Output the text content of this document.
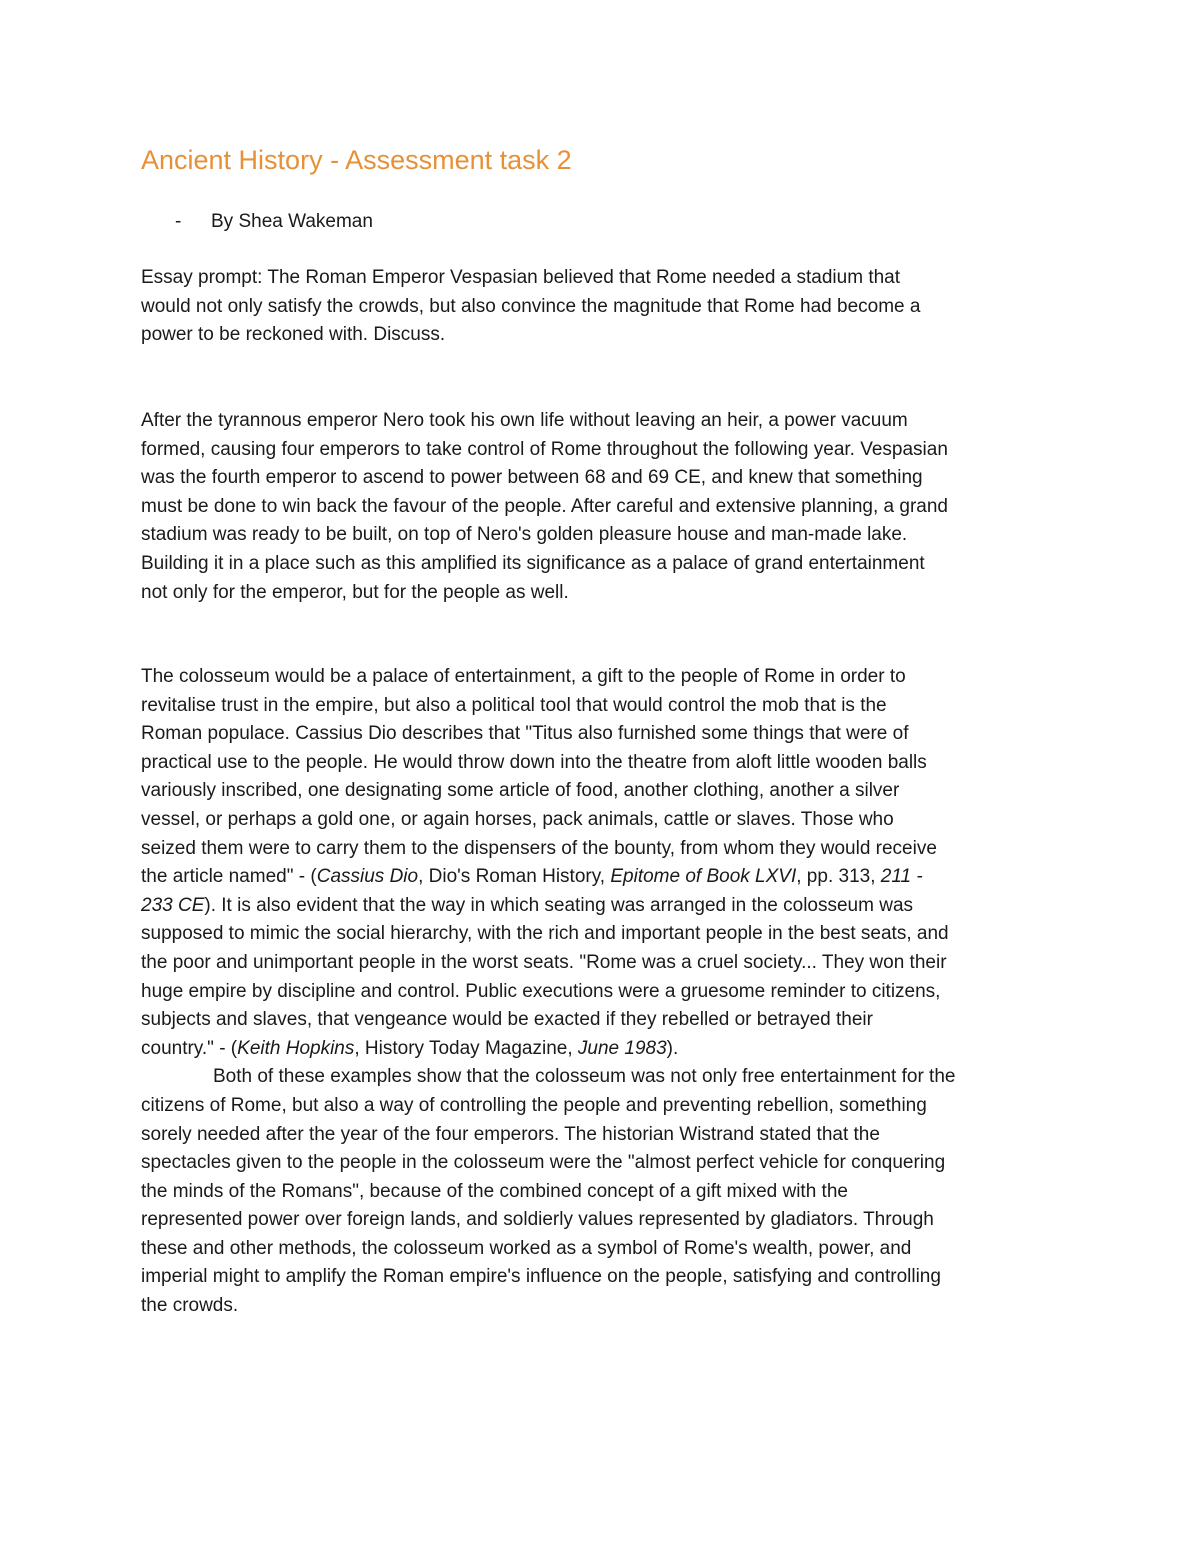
Ancient History - Assessment task 2
- By Shea Wakeman
Essay prompt: The Roman Emperor Vespasian believed that Rome needed a stadium that
would not only satisfy the crowds, but also convince the magnitude that Rome had become a
power to be reckoned with. Discuss.
After the tyrannous emperor Nero took his own life without leaving an heir, a power vacuum
formed, causing four emperors to take control of Rome throughout the following year. Vespasian
was the fourth emperor to ascend to power between 68 and 69 CE, and knew that something
must be done to win back the favour of the people. After careful and extensive planning, a grand
stadium was ready to be built, on top of Nero's golden pleasure house and man-made lake.
Building it in a place such as this amplified its significance as a palace of grand entertainment
not only for the emperor, but for the people as well.
The colosseum would be a palace of entertainment, a gift to the people of Rome in order to
revitalise trust in the empire, but also a political tool that would control the mob that is the
Roman populace. Cassius Dio describes that "Titus also furnished some things that were of
practical use to the people. He would throw down into the theatre from aloft little wooden balls
variously inscribed, one designating some article of food, another clothing, another a silver
vessel, or perhaps a gold one, or again horses, pack animals, cattle or slaves. Those who
seized them were to carry them to the dispensers of the bounty, from whom they would receive
the article named" - (Cassius Dio, Dio's Roman History, Epitome of Book LXVI, pp. 313, 211 -
233 CE). It is also evident that the way in which seating was arranged in the colosseum was
supposed to mimic the social hierarchy, with the rich and important people in the best seats, and
the poor and unimportant people in the worst seats. "Rome was a cruel society... They won their
huge empire by discipline and control. Public executions were a gruesome reminder to citizens,
subjects and slaves, that vengeance would be exacted if they rebelled or betrayed their
country." - (Keith Hopkins, History Today Magazine, June 1983).
Both of these examples show that the colosseum was not only free entertainment for the
citizens of Rome, but also a way of controlling the people and preventing rebellion, something
sorely needed after the year of the four emperors. The historian Wistrand stated that the
spectacles given to the people in the colosseum were the "almost perfect vehicle for conquering
the minds of the Romans", because of the combined concept of a gift mixed with the
represented power over foreign lands, and soldierly values represented by gladiators. Through
these and other methods, the colosseum worked as a symbol of Rome's wealth, power, and
imperial might to amplify the Roman empire's influence on the people, satisfying and controlling
the crowds.
